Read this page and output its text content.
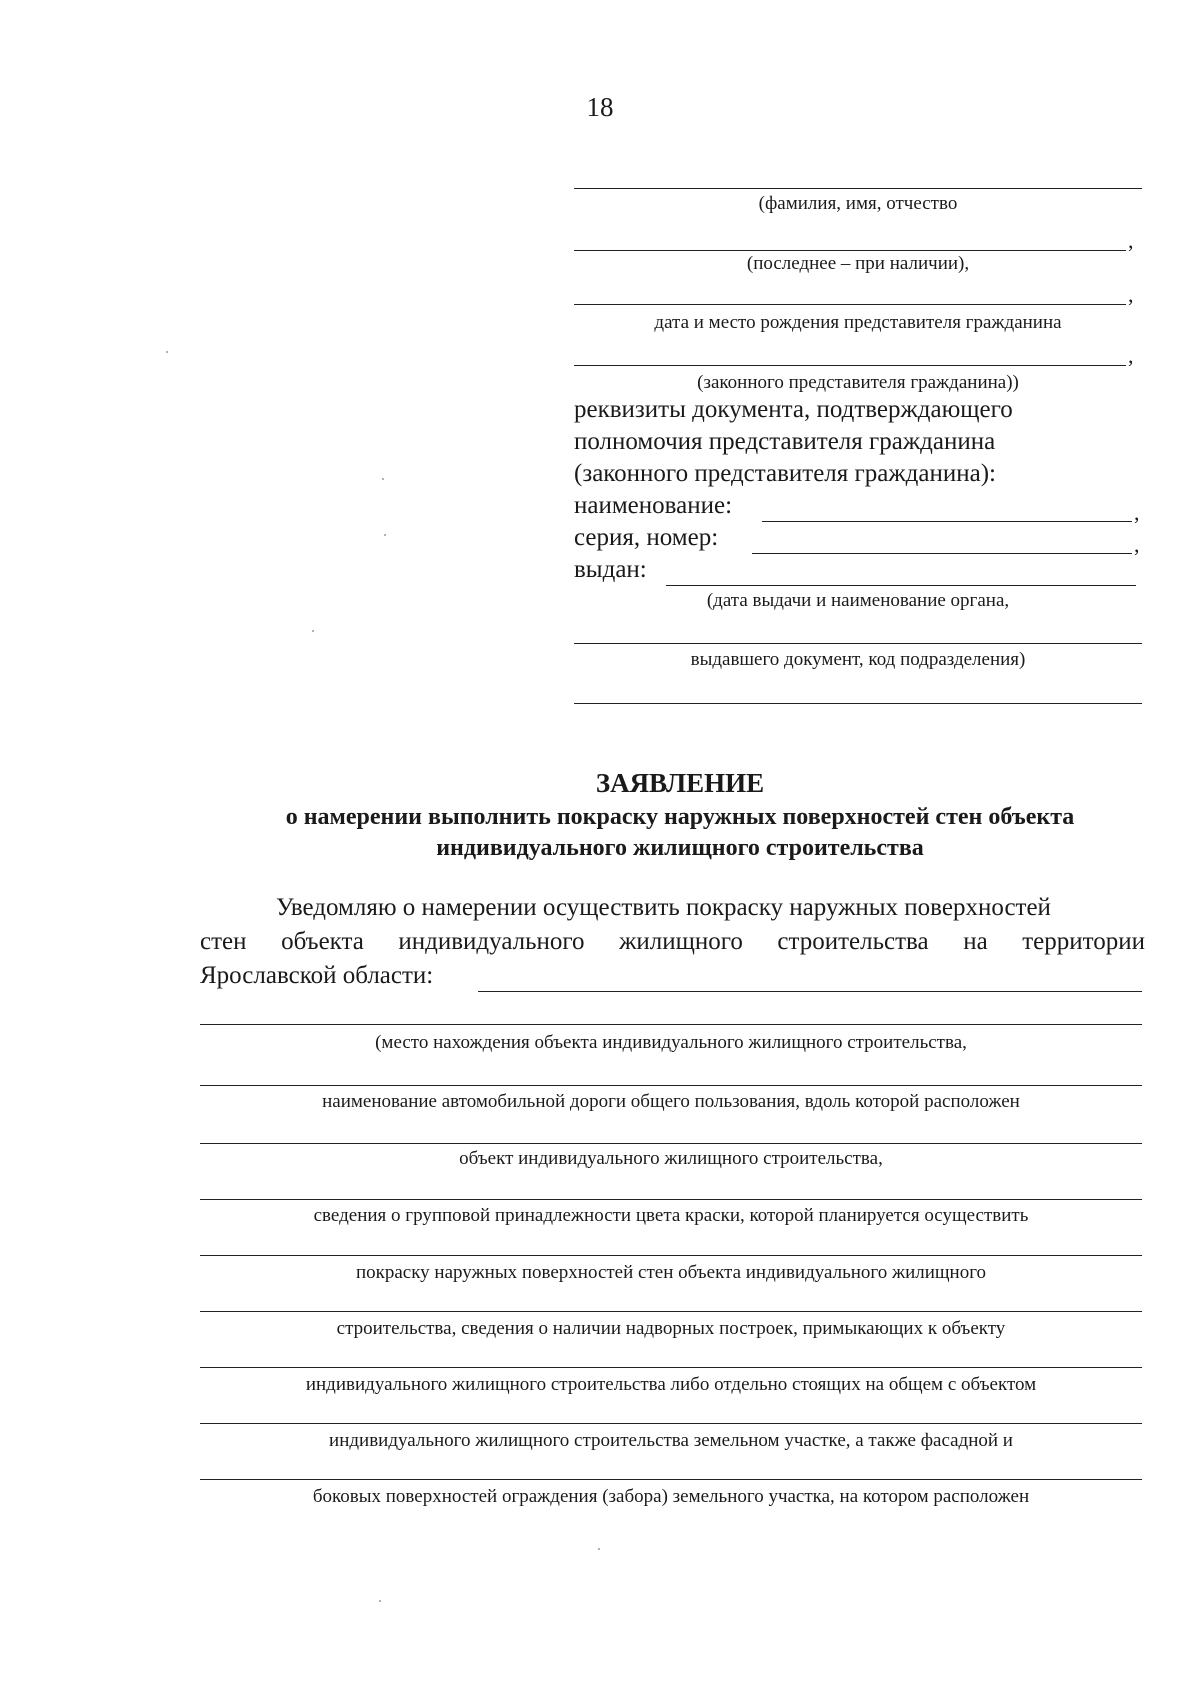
18
(фамилия, имя, отчество
,
(последнее – при наличии),
,
дата и место рождения представителя гражданина
,
(законного представителя гражданина))
реквизиты документа, подтверждающего
полномочия представителя гражданина
(законного представителя гражданина):
наименование:	,
серия, номер:	,
выдан:
(дата выдачи и наименование органа,
выдавшего документ, код подразделения)
ЗАЯВЛЕНИЕ
о намерении выполнить покраску наружных поверхностей стен объекта
индивидуального жилищного строительства
Уведомляю о намерении осуществить покраску наружных поверхностей
стен объекта индивидуального жилищного строительства на территории
Ярославской области:
(место нахождения объекта индивидуального жилищного строительства,
наименование автомобильной дороги общего пользования, вдоль которой расположен
объект индивидуального жилищного строительства,
сведения о групповой принадлежности цвета краски, которой планируется осуществить
покраску наружных поверхностей стен объекта индивидуального жилищного
строительства, сведения о наличии надворных построек, примыкающих к объекту
индивидуального жилищного строительства либо отдельно стоящих на общем с объектом
индивидуального жилищного строительства земельном участке, а также фасадной и
боковых поверхностей ограждения (забора) земельного участка, на котором расположен
